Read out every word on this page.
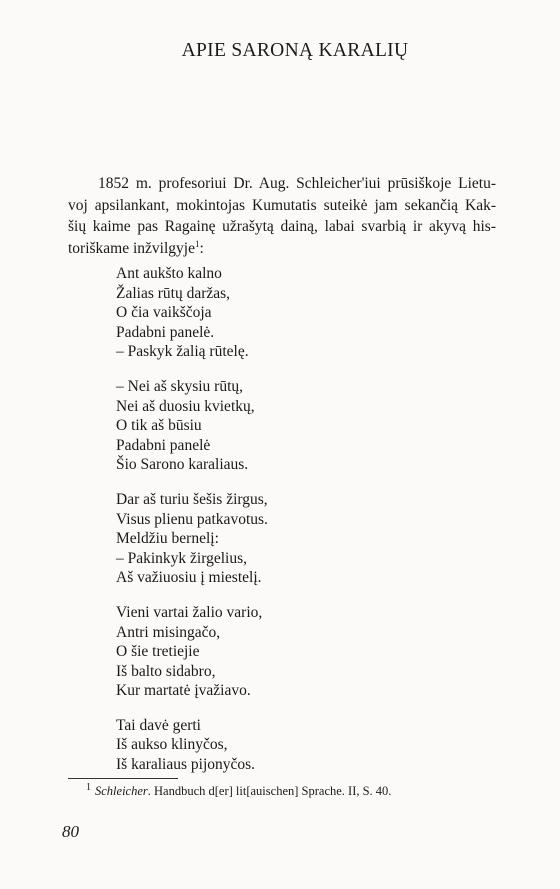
APIE SARONĄ KARALIŲ
1852 m. profesoriui Dr. Aug. Schleicher'iui prūsiškoje Lietu-
voj apsilankant, mokintojas Kumutatis suteikė jam sekančią Kak-
šių kaime pas Ragainę užrašytą dainą, labai svarbią ir akyvą his-
toriškame inžvilgyje$^1$:
Ant aukšto kalno
Žalias rūtų daržas,
O čia vaikščoja
Padabni panelė.
– Paskyk žalią rūtelę.
– Nei aš skysiu rūtų,
Nei aš duosiu kvietkų,
O tik aš būsiu
Padabni panelė
Šio Sarono karaliaus.
Dar aš turiu šešis žirgus,
Visus plienu patkavotus.
Meldžiu bernelį:
– Pakinkyk žirgelius,
Aš važiuosiu į miestelį.
Vieni vartai žalio vario,
Antri misingačo,
O šie tretiejie
Iš balto sidabro,
Kur martatė įvažiavo.
Tai davė gerti
Iš aukso klinyčos,
Iš karaliaus pijonyčos.
$^1$ Schleicher. Handbuch d[er] lit[auischen] Sprache. II, S. 40.
80
